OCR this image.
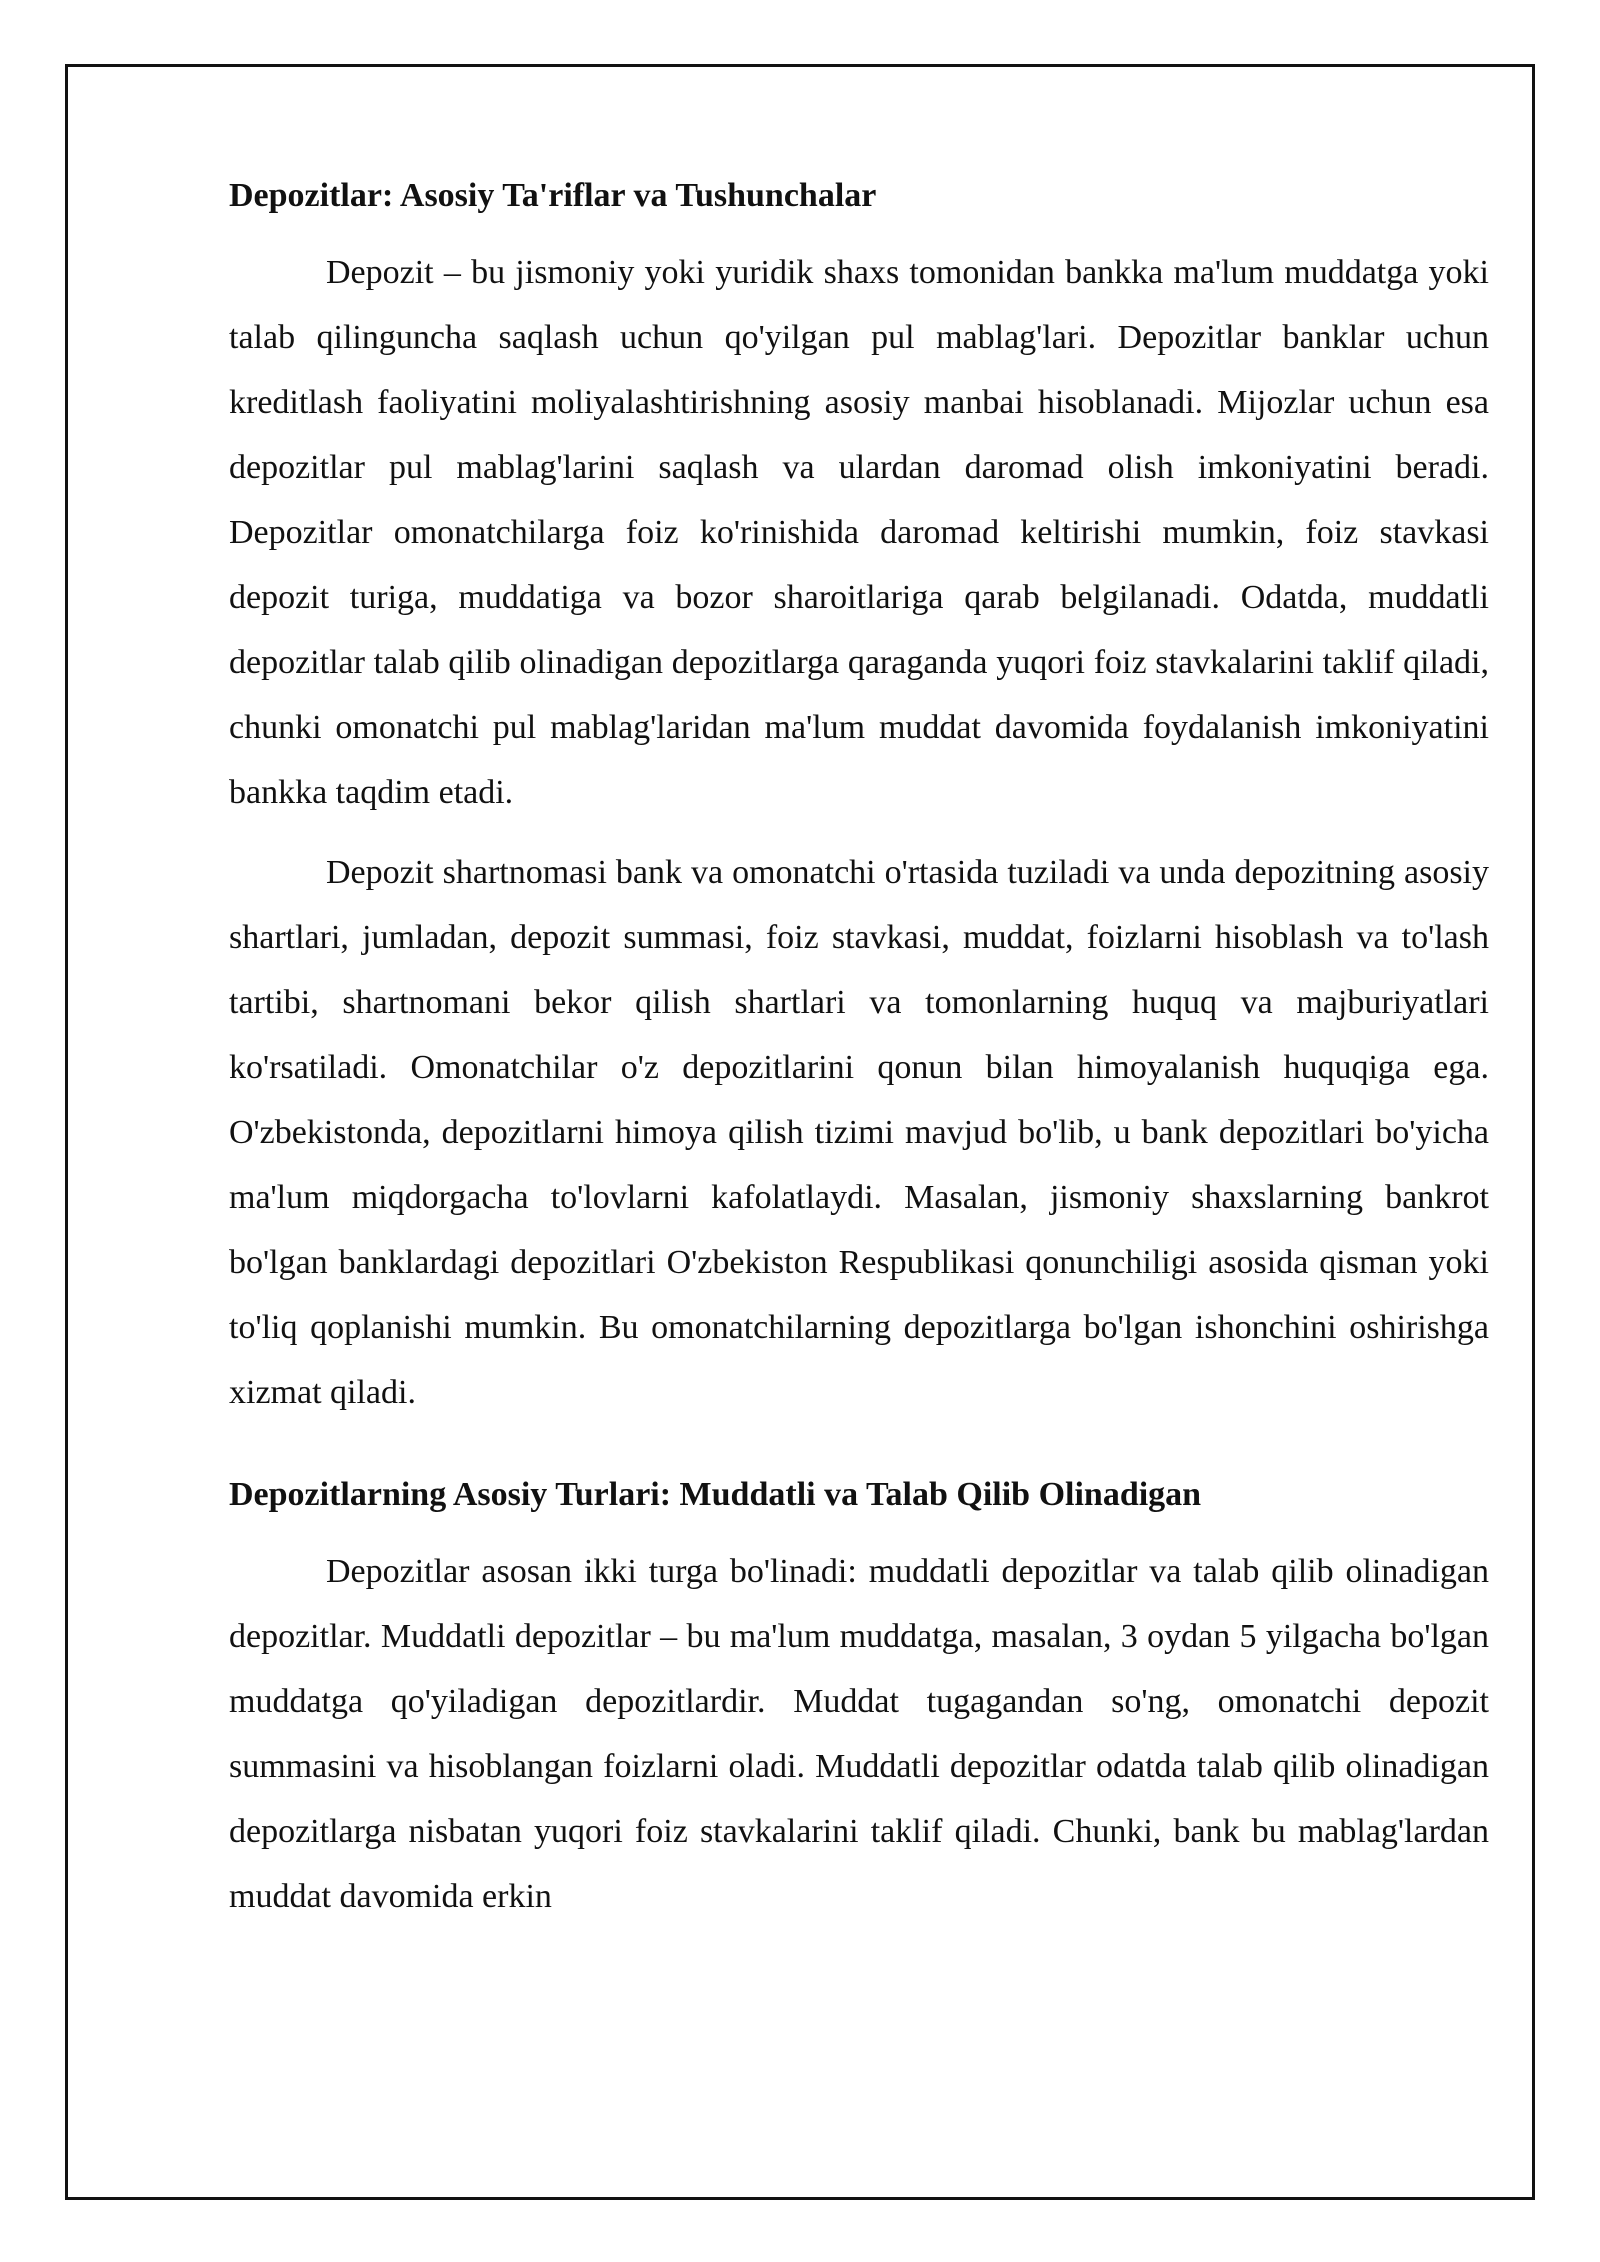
Depozitlar: Asosiy Ta'riflar va Tushunchalar

Depozit – bu jismoniy yoki yuridik shaxs tomonidan bankka ma'lum muddatga yoki talab qilinguncha saqlash uchun qo'yilgan pul mablag'lari. Depozitlar banklar uchun kreditlash faoliyatini moliyalashtirishning asosiy manbai hisoblanadi. Mijozlar uchun esa depozitlar pul mablag'larini saqlash va ulardan daromad olish imkoniyatini beradi. Depozitlar omonatchilarga foiz ko'rinishida daromad keltirishi mumkin, foiz stavkasi depozit turiga, muddatiga va bozor sharoitlariga qarab belgilanadi. Odatda, muddatli depozitlar talab qilib olinadigan depozitlarga qaraganda yuqori foiz stavkalarini taklif qiladi, chunki omonatchi pul mablag'laridan ma'lum muddat davomida foydalanish imkoniyatini bankka taqdim etadi.

Depozit shartnomasi bank va omonatchi o'rtasida tuziladi va unda depozitning asosiy shartlari, jumladan, depozit summasi, foiz stavkasi, muddat, foizlarni hisoblash va to'lash tartibi, shartnomani bekor qilish shartlari va tomonlarning huquq va majburiyatlari ko'rsatiladi. Omonatchilar o'z depozitlarini qonun bilan himoyalanish huquqiga ega. O'zbekistonda, depozitlarni himoya qilish tizimi mavjud bo'lib, u bank depozitlari bo'yicha ma'lum miqdorgacha to'lovlarni kafolatlaydi. Masalan, jismoniy shaxslarning bankrot bo'lgan banklardagi depozitlari O'zbekiston Respublikasi qonunchiligi asosida qisman yoki to'liq qoplanishi mumkin. Bu omonatchilarning depozitlarga bo'lgan ishonchini oshirishga xizmat qiladi.

Depozitlarning Asosiy Turlari: Muddatli va Talab Qilib Olinadigan

Depozitlar asosan ikki turga bo'linadi: muddatli depozitlar va talab qilib olinadigan depozitlar. Muddatli depozitlar – bu ma'lum muddatga, masalan, 3 oydan 5 yilgacha bo'lgan muddatga qo'yiladigan depozitlardir. Muddat tugagandan so'ng, omonatchi depozit summasini va hisoblangan foizlarni oladi. Muddatli depozitlar odatda talab qilib olinadigan depozitlarga nisbatan yuqori foiz stavkalarini taklif qiladi. Chunki, bank bu mablag'lardan muddat davomida erkin
